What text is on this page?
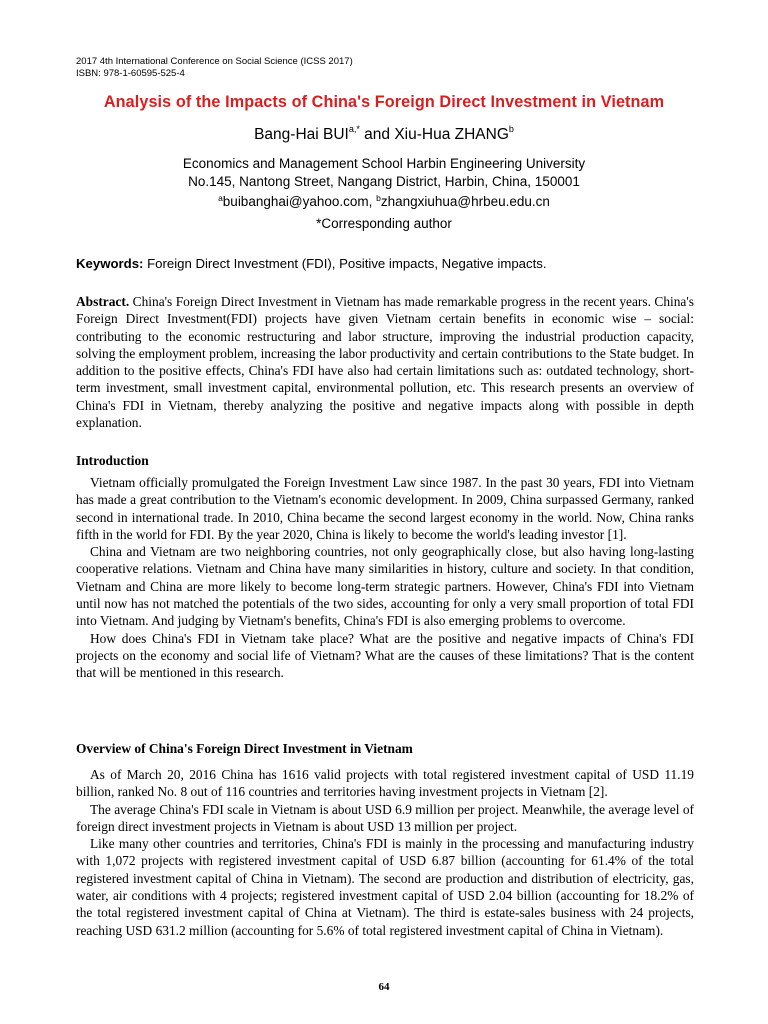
2017 4th International Conference on Social Science (ICSS 2017)
ISBN: 978-1-60595-525-4
Analysis of the Impacts of China's Foreign Direct Investment in Vietnam
Bang-Hai $BUI^{a,*}$ and Xiu-Hua ZHANG$^b$
Economics and Management School Harbin Engineering University
No.145, Nantong Street, Nangang District, Harbin, China, 150001
$^a$buibanghai@yahoo.com, $^b$zhangxiuhua@hrbeu.edu.cn
*Corresponding author
Keywords: Foreign Direct Investment (FDI), Positive impacts, Negative impacts.

Abstract. China's Foreign Direct Investment in Vietnam has made remarkable progress in the recent years. China's Foreign Direct Investment(FDI) projects have given Vietnam certain benefits in economic wise – social: contributing to the economic restructuring and labor structure, improving the industrial production capacity, solving the employment problem, increasing the labor productivity and certain contributions to the State budget. In addition to the positive effects, China's FDI have also had certain limitations such as: outdated technology, short-term investment, small investment capital, environmental pollution, etc. This research presents an overview of China's FDI in Vietnam, thereby analyzing the positive and negative impacts along with possible in depth explanation.

Introduction

Vietnam officially promulgated the Foreign Investment Law since 1987. In the past 30 years, FDI into Vietnam has made a great contribution to the Vietnam's economic development. In 2009, China surpassed Germany, ranked second in international trade. In 2010, China became the second largest economy in the world. Now, China ranks fifth in the world for FDI. By the year 2020, China is likely to become the world's leading investor [1].

China and Vietnam are two neighboring countries, not only geographically close, but also having long-lasting cooperative relations. Vietnam and China have many similarities in history, culture and society. In that condition, Vietnam and China are more likely to become long-term strategic partners. However, China's FDI into Vietnam until now has not matched the potentials of the two sides, accounting for only a very small proportion of total FDI into Vietnam. And judging by Vietnam's benefits, China's FDI is also emerging problems to overcome.

How does China's FDI in Vietnam take place? What are the positive and negative impacts of China's FDI projects on the economy and social life of Vietnam? What are the causes of these limitations? That is the content that will be mentioned in this research.

Overview of China's Foreign Direct Investment in Vietnam

As of March 20, 2016 China has 1616 valid projects with total registered investment capital of USD 11.19 billion, ranked No. 8 out of 116 countries and territories having investment projects in Vietnam [2].

The average China's FDI scale in Vietnam is about USD 6.9 million per project. Meanwhile, the average level of foreign direct investment projects in Vietnam is about USD 13 million per project.

Like many other countries and territories, China's FDI is mainly in the processing and manufacturing industry with 1,072 projects with registered investment capital of USD 6.87 billion (accounting for 61.4% of the total registered investment capital of China in Vietnam). The second are production and distribution of electricity, gas, water, air conditions with 4 projects; registered investment capital of USD 2.04 billion (accounting for 18.2% of the total registered investment capital of China at Vietnam). The third is estate-sales business with 24 projects, reaching USD 631.2 million (accounting for 5.6% of total registered investment capital of China in Vietnam).

64
